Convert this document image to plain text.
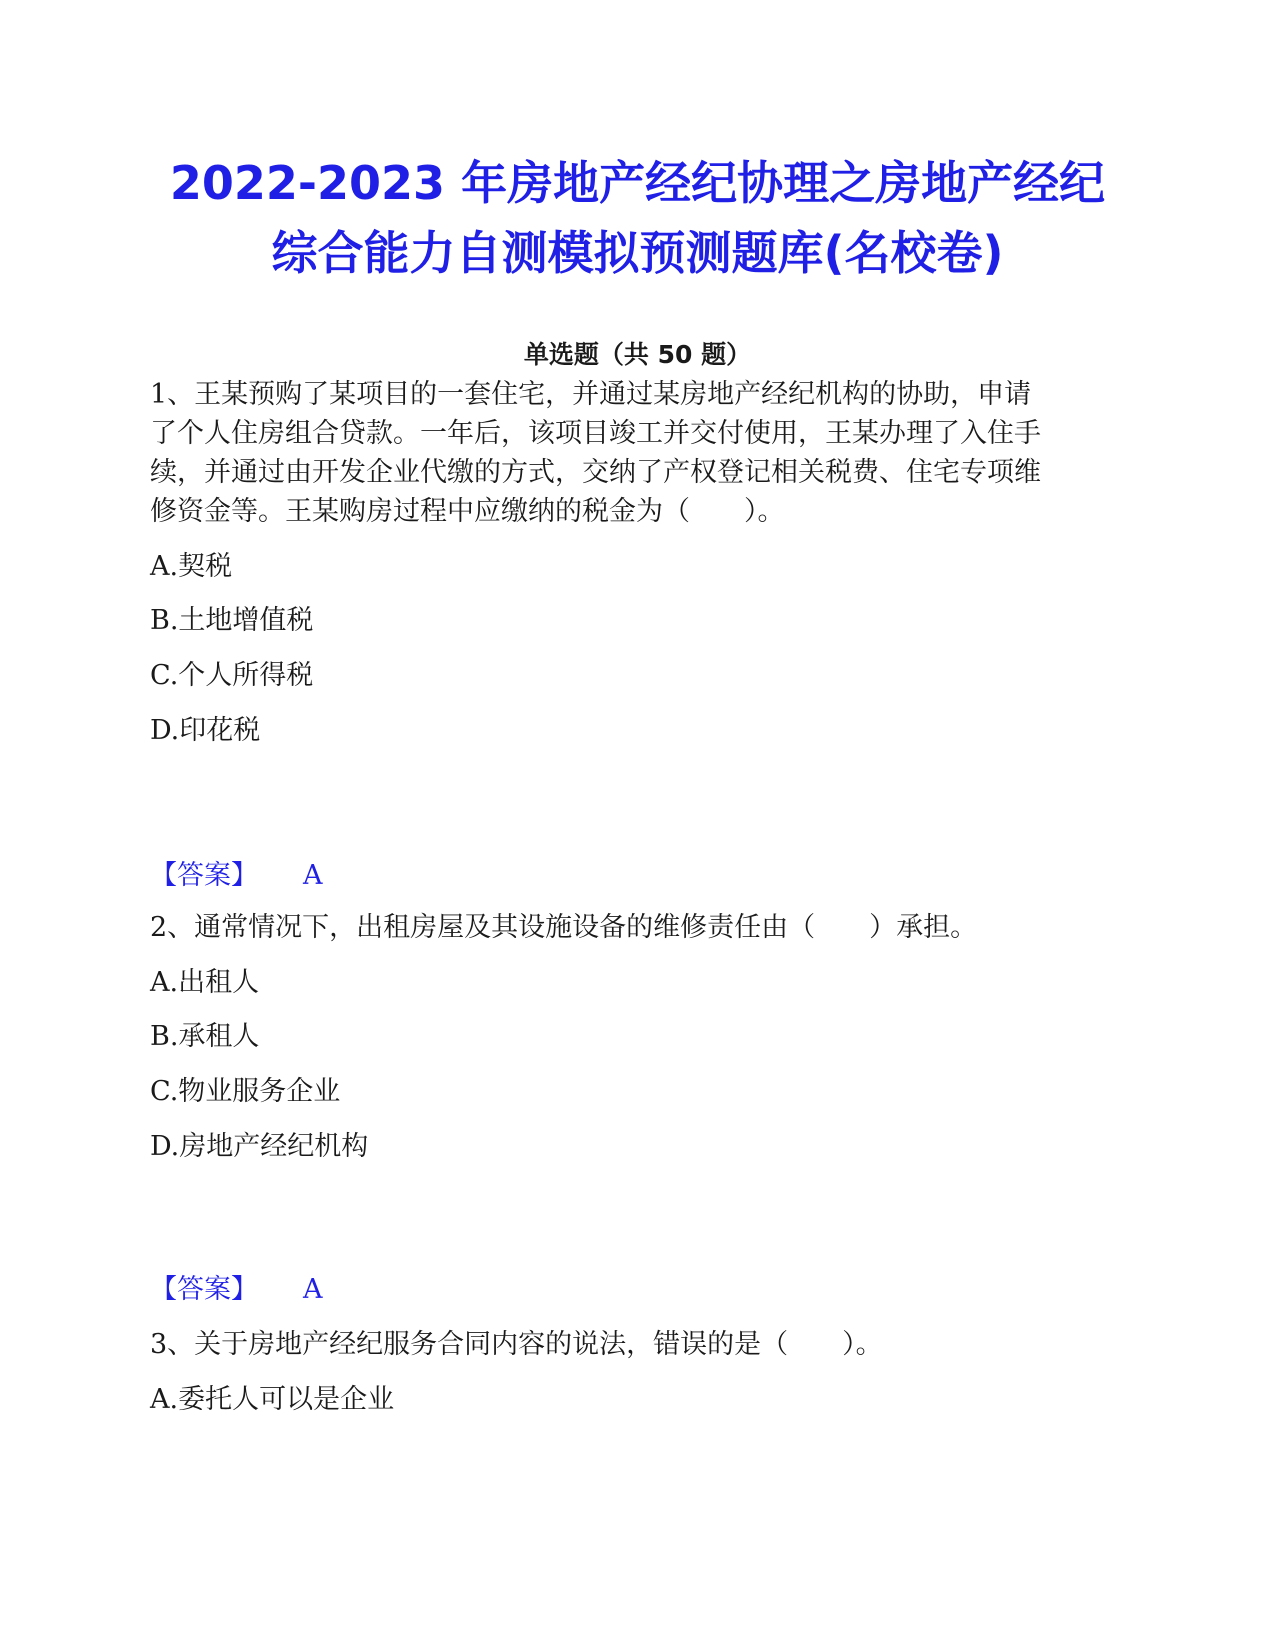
2022-2023 年房地产经纪协理之房地产经纪
综合能力自测模拟预测题库(名校卷)
单选题（共 50 题）
1、王某预购了某项目的一套住宅，并通过某房地产经纪机构的协助，申请
了个人住房组合贷款。一年后，该项目竣工并交付使用，王某办理了入住手
续，并通过由开发企业代缴的方式，交纳了产权登记相关税费、住宅专项维
修资金等。王某购房过程中应缴纳的税金为（　　）。
A.契税
B.土地增值税
C.个人所得税
D.印花税
【答案】 A
2、通常情况下，出租房屋及其设施设备的维修责任由（　　）承担。
A.出租人
B.承租人
C.物业服务企业
D.房地产经纪机构
【答案】 A
3、关于房地产经纪服务合同内容的说法，错误的是（　　）。
A.委托人可以是企业
